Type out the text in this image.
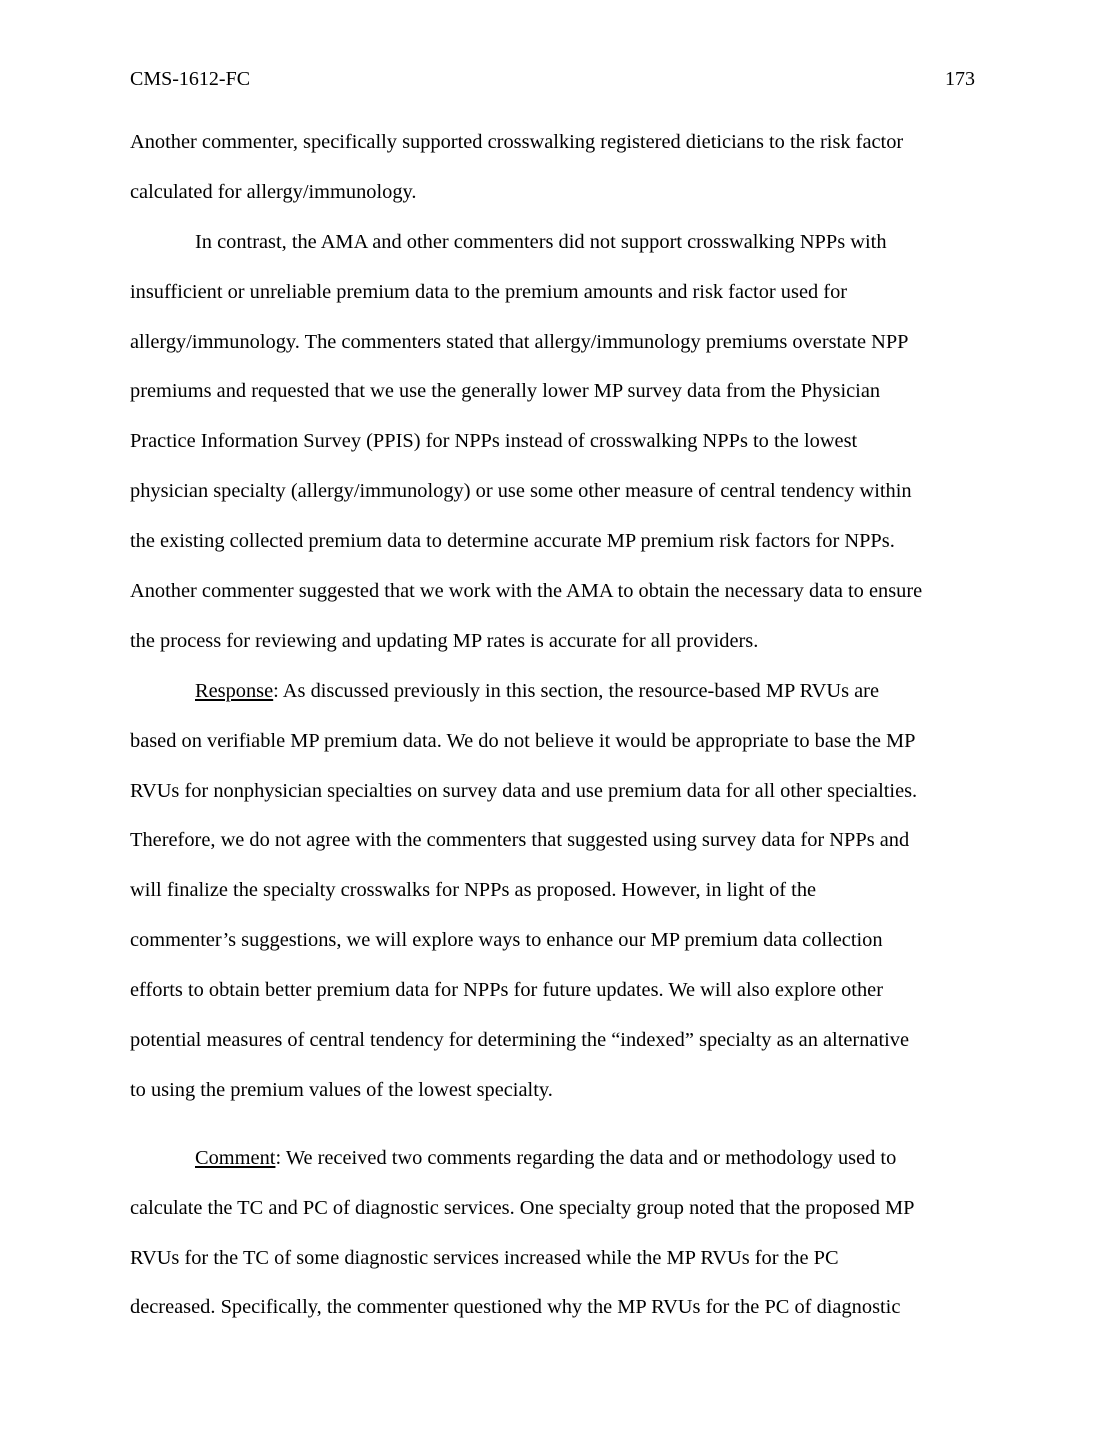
CMS-1612-FC	173
Another commenter, specifically supported crosswalking registered dieticians to the risk factor
calculated for allergy/immunology.
In contrast, the AMA and other commenters did not support crosswalking NPPs with
insufficient or unreliable premium data to the premium amounts and risk factor used for
allergy/immunology. The commenters stated that allergy/immunology premiums overstate NPP
premiums and requested that we use the generally lower MP survey data from the Physician
Practice Information Survey (PPIS) for NPPs instead of crosswalking NPPs to the lowest
physician specialty (allergy/immunology) or use some other measure of central tendency within
the existing collected premium data to determine accurate MP premium risk factors for NPPs.
Another commenter suggested that we work with the AMA to obtain the necessary data to ensure
the process for reviewing and updating MP rates is accurate for all providers.
Response: As discussed previously in this section, the resource-based MP RVUs are
based on verifiable MP premium data. We do not believe it would be appropriate to base the MP
RVUs for nonphysician specialties on survey data and use premium data for all other specialties.
Therefore, we do not agree with the commenters that suggested using survey data for NPPs and
will finalize the specialty crosswalks for NPPs as proposed. However, in light of the
commenter’s suggestions, we will explore ways to enhance our MP premium data collection
efforts to obtain better premium data for NPPs for future updates. We will also explore other
potential measures of central tendency for determining the “indexed” specialty as an alternative
to using the premium values of the lowest specialty.
Comment: We received two comments regarding the data and or methodology used to
calculate the TC and PC of diagnostic services. One specialty group noted that the proposed MP
RVUs for the TC of some diagnostic services increased while the MP RVUs for the PC
decreased. Specifically, the commenter questioned why the MP RVUs for the PC of diagnostic
